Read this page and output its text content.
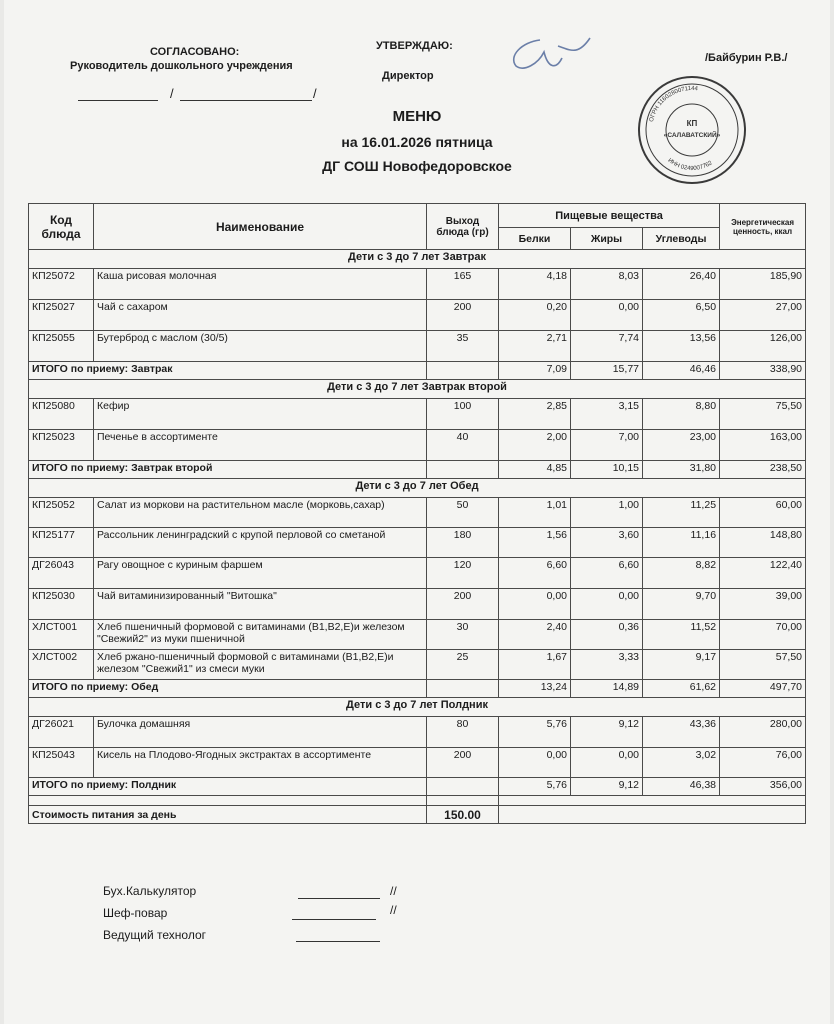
СОГЛАСОВАНО:
Руководитель дошкольного учреждения
/	/
УТВЕРЖДАЮ:
Директор
/Байбурин Р.В./
ОГРН 1160280071144
ИНН 0249007762
КП
«САЛАВАТСКИЙ»
МЕНЮ
на 16.01.2026 пятница
ДГ СОШ Новофедоровское
Код блюда	Наименование	Выход блюда (гр)	Пищевые вещества			Энергетическая ценность, ккал
			Белки	Жиры	Углеводы	
Дети с 3 до 7 лет Завтрак						
КП25072	Каша рисовая молочная	165	4,18	8,03	26,40	185,90
КП25027	Чай с сахаром	200	0,20	0,00	6,50	27,00
КП25055	Бутерброд с маслом (30/5)	35	2,71	7,74	13,56	126,00
ИТОГО по приему: Завтрак			7,09	15,77	46,46	338,90
Дети с 3 до 7 лет Завтрак второй						
КП25080	Кефир	100	2,85	3,15	8,80	75,50
КП25023	Печенье в ассортименте	40	2,00	7,00	23,00	163,00
ИТОГО по приему: Завтрак второй			4,85	10,15	31,80	238,50
Дети с 3 до 7 лет Обед						
КП25052	Салат из моркови на растительном масле (морковь,сахар)	50	1,01	1,00	11,25	60,00
КП25177	Рассольник ленинградский с крупой перловой со сметаной	180	1,56	3,60	11,16	148,80
ДГ26043	Рагу овощное с куриным фаршем	120	6,60	6,60	8,82	122,40
КП25030	Чай витаминизированный "Витошка"	200	0,00	0,00	9,70	39,00
ХЛСТ001	Хлеб пшеничный формовой с витаминами (B1,B2,E)и железом "Свежий2" из муки пшеничной	30	2,40	0,36	11,52	70,00
ХЛСТ002	Хлеб ржано-пшеничный формовой с витаминами (B1,B2,E)и железом "Свежий1" из смеси муки	25	1,67	3,33	9,17	57,50
ИТОГО по приему: Обед			13,24	14,89	61,62	497,70
Дети с 3 до 7 лет Полдник						
ДГ26021	Булочка домашняя	80	5,76	9,12	43,36	280,00
КП25043	Кисель на Плодово-Ягодных экстрактах в ассортименте	200	0,00	0,00	3,02	76,00
ИТОГО по приему: Полдник			5,76	9,12	46,38	356,00

Стоимость питания за день		150.00				
Бух.Калькулятор	//
Шеф-повар	//
Ведущий технолог
